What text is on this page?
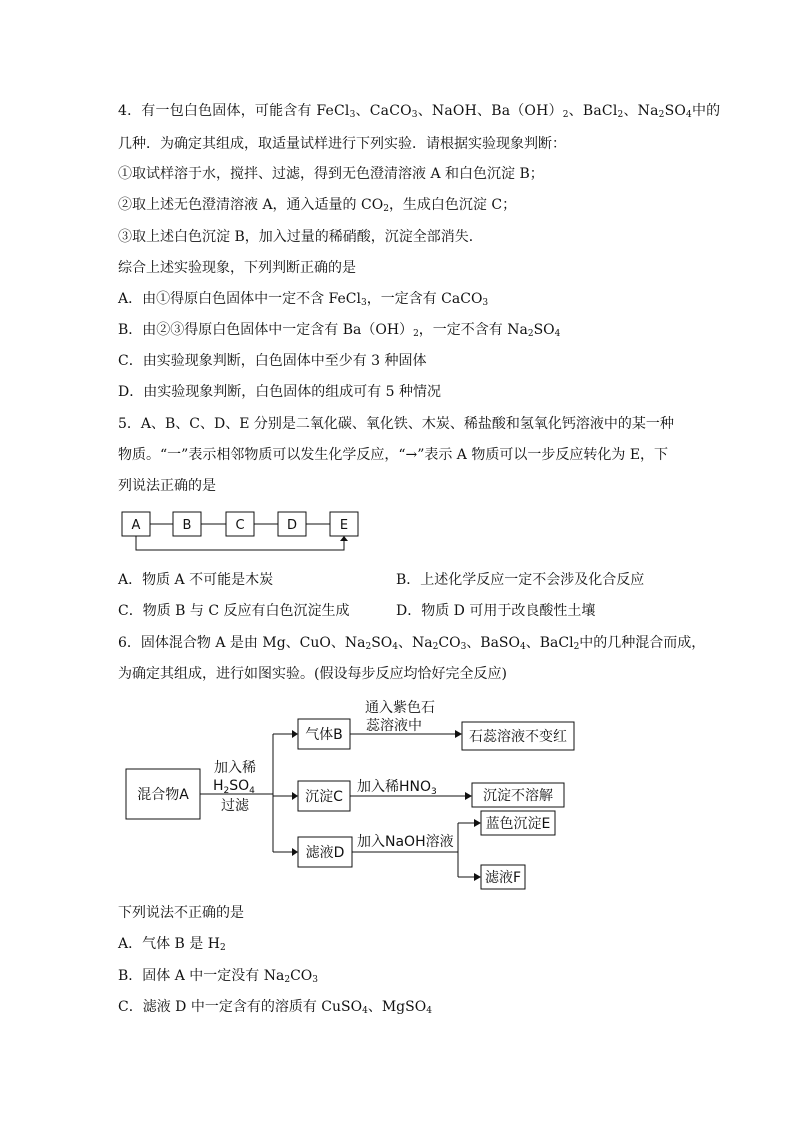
4．有一包白色固体，可能含有 FeCl$_3$、CaCO$_3$、NaOH、$Ba(OH)_2$、BaCl$_2$、$Na_2SO_4$中的
几种．为确定其组成，取适量试样进行下列实验．请根据实验现象判断：
①取试样溶于水，搅拌、过滤，得到无色澄清溶液 A 和白色沉淀 B；
②取上述无色澄清溶液 A，通入适量的 $CO_2$，生成白色沉淀 C；
③取上述白色沉淀 B，加入过量的稀硝酸，沉淀全部消失．
综合上述实验现象，下列判断正确的是
A．由①得原白色固体中一定不含 FeCl$_3$，一定含有 CaCO$_3$
B．由②③得原白色固体中一定含有 $Ba(OH)_2$，一定不含有 $Na_2SO_4$
C．由实验现象判断，白色固体中至少有 3 种固体
D．由实验现象判断，白色固体的组成可有 5 种情况
5．A、B、C、D、E 分别是二氧化碳、氧化铁、木炭、稀盐酸和氢氧化钙溶液中的某一种
物质。“一”表示相邻物质可以发生化学反应，“→”表示 A 物质可以一步反应转化为 E，下
列说法正确的是
A	B	C	D	E
A．物质 A 不可能是木炭	B．上述化学反应一定不会涉及化合反应
C．物质 B 与 C 反应有白色沉淀生成	D．物质 D 可用于改良酸性土壤
6．固体混合物 A 是由 Mg、CuO、$Na_2SO_4$、$Na_2CO_3$、BaSO$_4$、BaCl$_2$中的几种混合而成，
为确定其组成，进行如图实验。(假设每步反应均恰好完全反应)
混合物A
加入稀
$H_2SO_4$
过滤
气体B
通入紫色石
蕊溶液中
石蕊溶液不变红
沉淀C
加入稀$HNO_3$	沉淀不溶解
滤液D
加入NaOH溶液
蓝色沉淀E
滤液F
下列说法不正确的是
A．气体 B 是 $H_2$
B．固体 A 中一定没有 $Na_2CO_3$
C．滤液 D 中一定含有的溶质有 CuSO$_4$、MgSO$_4$
